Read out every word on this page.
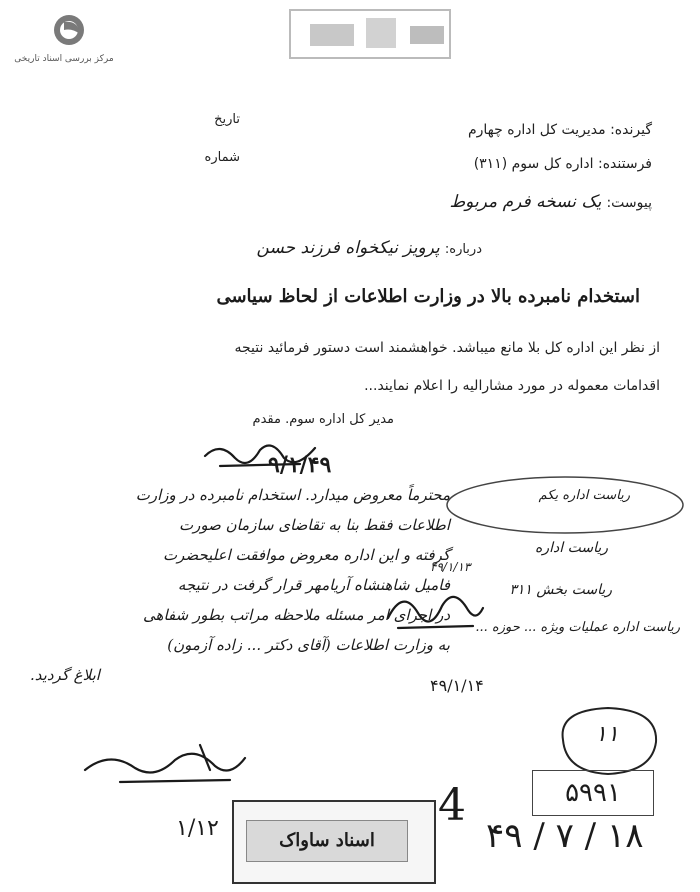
مرکز بررسی اسناد تاریخی
تاریخ
شماره
گیرنده: مدیریت کل اداره چهارم
فرستنده: اداره کل سوم (۳۱۱)
پیوست: یک نسخه فرم مربوط
درباره: پرویز نیکخواه فرزند حسن
استخدام نامبرده بالا در وزارت اطلاعات از لحاظ سیاسی
از نظر این اداره کل بلا مانع میباشد. خواهشمند است دستور فرمائید نتیجه
اقدامات معموله در مورد مشارالیه را اعلام نمایند...
مدیر کل اداره سوم. مقدم
۹/۱/۴۹
محترماً معروض میدارد. استخدام نامبرده در وزارت
اطلاعات فقط بنا به تقاضای سازمان صورت
گرفته و این اداره معروض موافقت اعلیحضرت
فامیل شاهنشاه آریامهر قرار گرفت در نتیجه
در اجرای امر مسئله ملاحظه مراتب بطور شفاهی
به وزارت اطلاعات (آقای دکتر ... زاده آزمون)
ابلاغ گردید.
ریاست اداره یکم
ریاست اداره
۴۹/۱/۱۳
ریاست بخش ۳۱۱
ریاست اداره عملیات ویژه ... حوزه ...
۴۹/۱/۱۴
۱۱
۵۹۹۱
4
۱۸ / ۷ / ۴۹
۱/۱۲	اسناد ساواک
